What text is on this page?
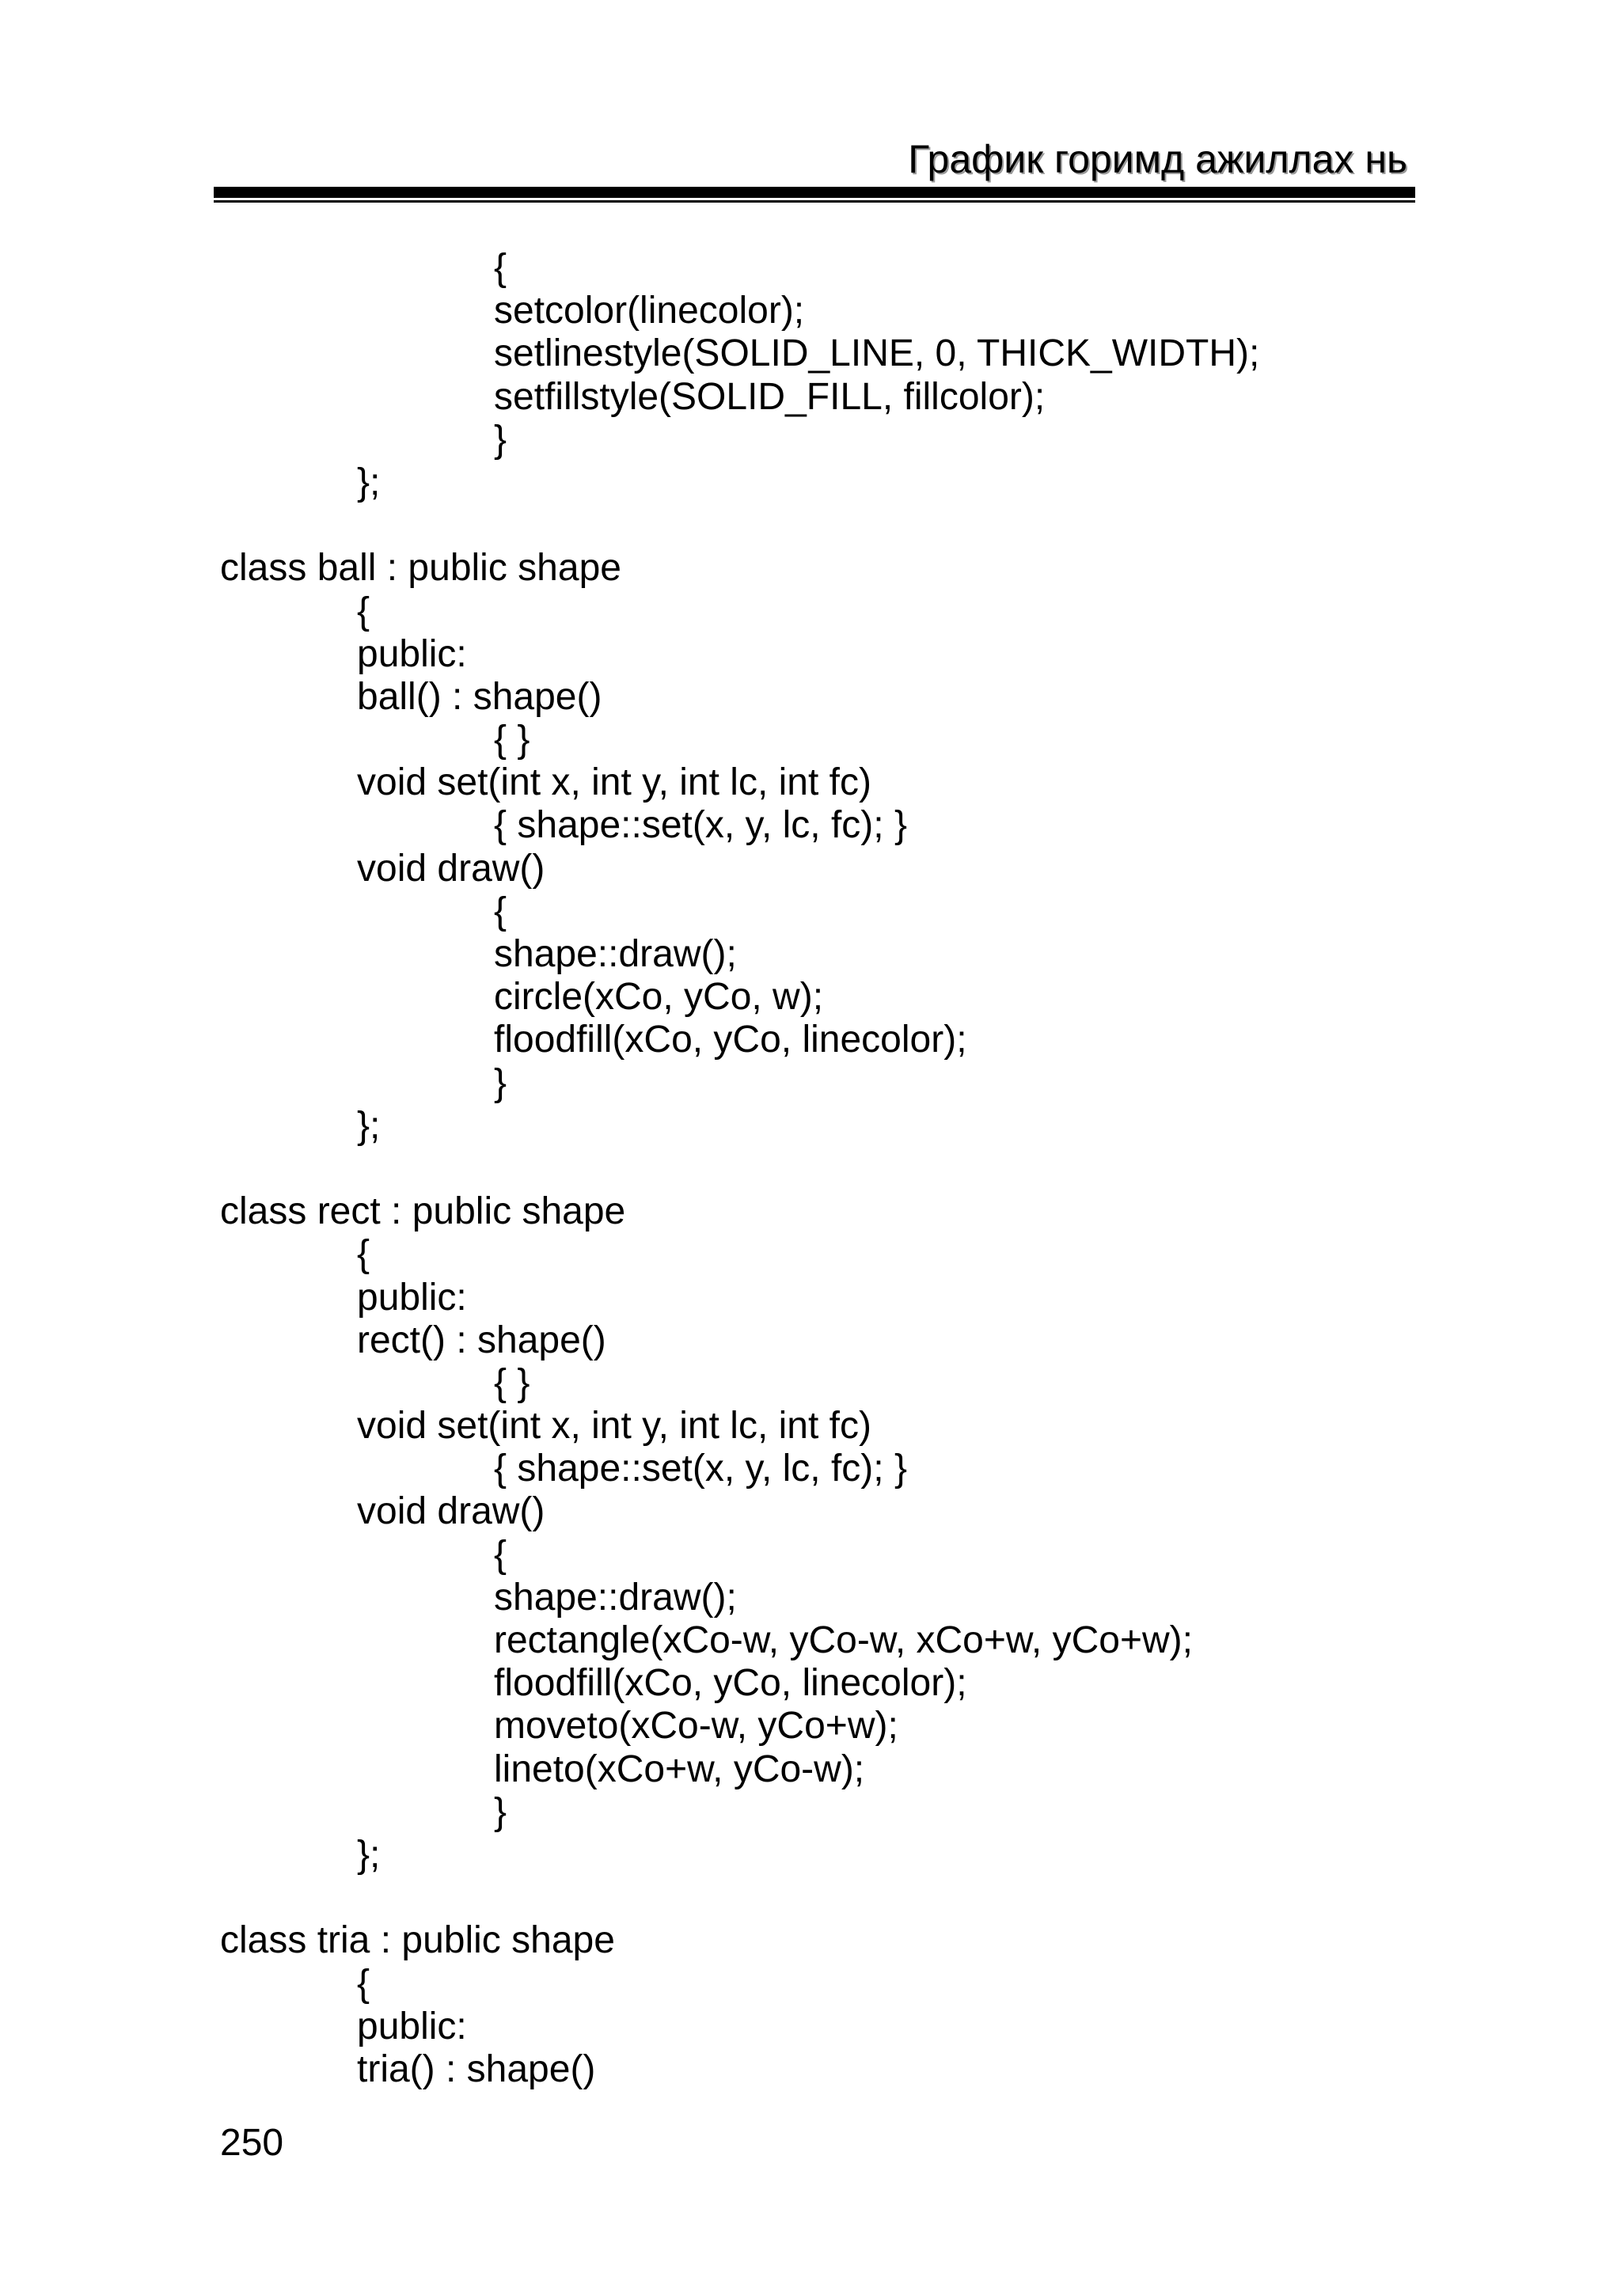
График горимд ажиллах нь
{
setcolor(linecolor);
setlinestyle(SOLID_LINE, 0, THICK_WIDTH);
setfillstyle(SOLID_FILL, fillcolor);
}
};
class ball : public shape
{
public:
ball() : shape()
{ }
void set(int x, int y, int lc, int fc)
{ shape::set(x, y, lc, fc); }
void draw()
{
shape::draw();
circle(xCo, yCo, w);
floodfill(xCo, yCo, linecolor);
}
};
class rect : public shape
{
public:
rect() : shape()
{ }
void set(int x, int y, int lc, int fc)
{ shape::set(x, y, lc, fc); }
void draw()
{
shape::draw();
rectangle(xCo-w, yCo-w, xCo+w, yCo+w);
floodfill(xCo, yCo, linecolor);
moveto(xCo-w, yCo+w);
lineto(xCo+w, yCo-w);
}
};
class tria : public shape
{
public:
tria() : shape()
250
